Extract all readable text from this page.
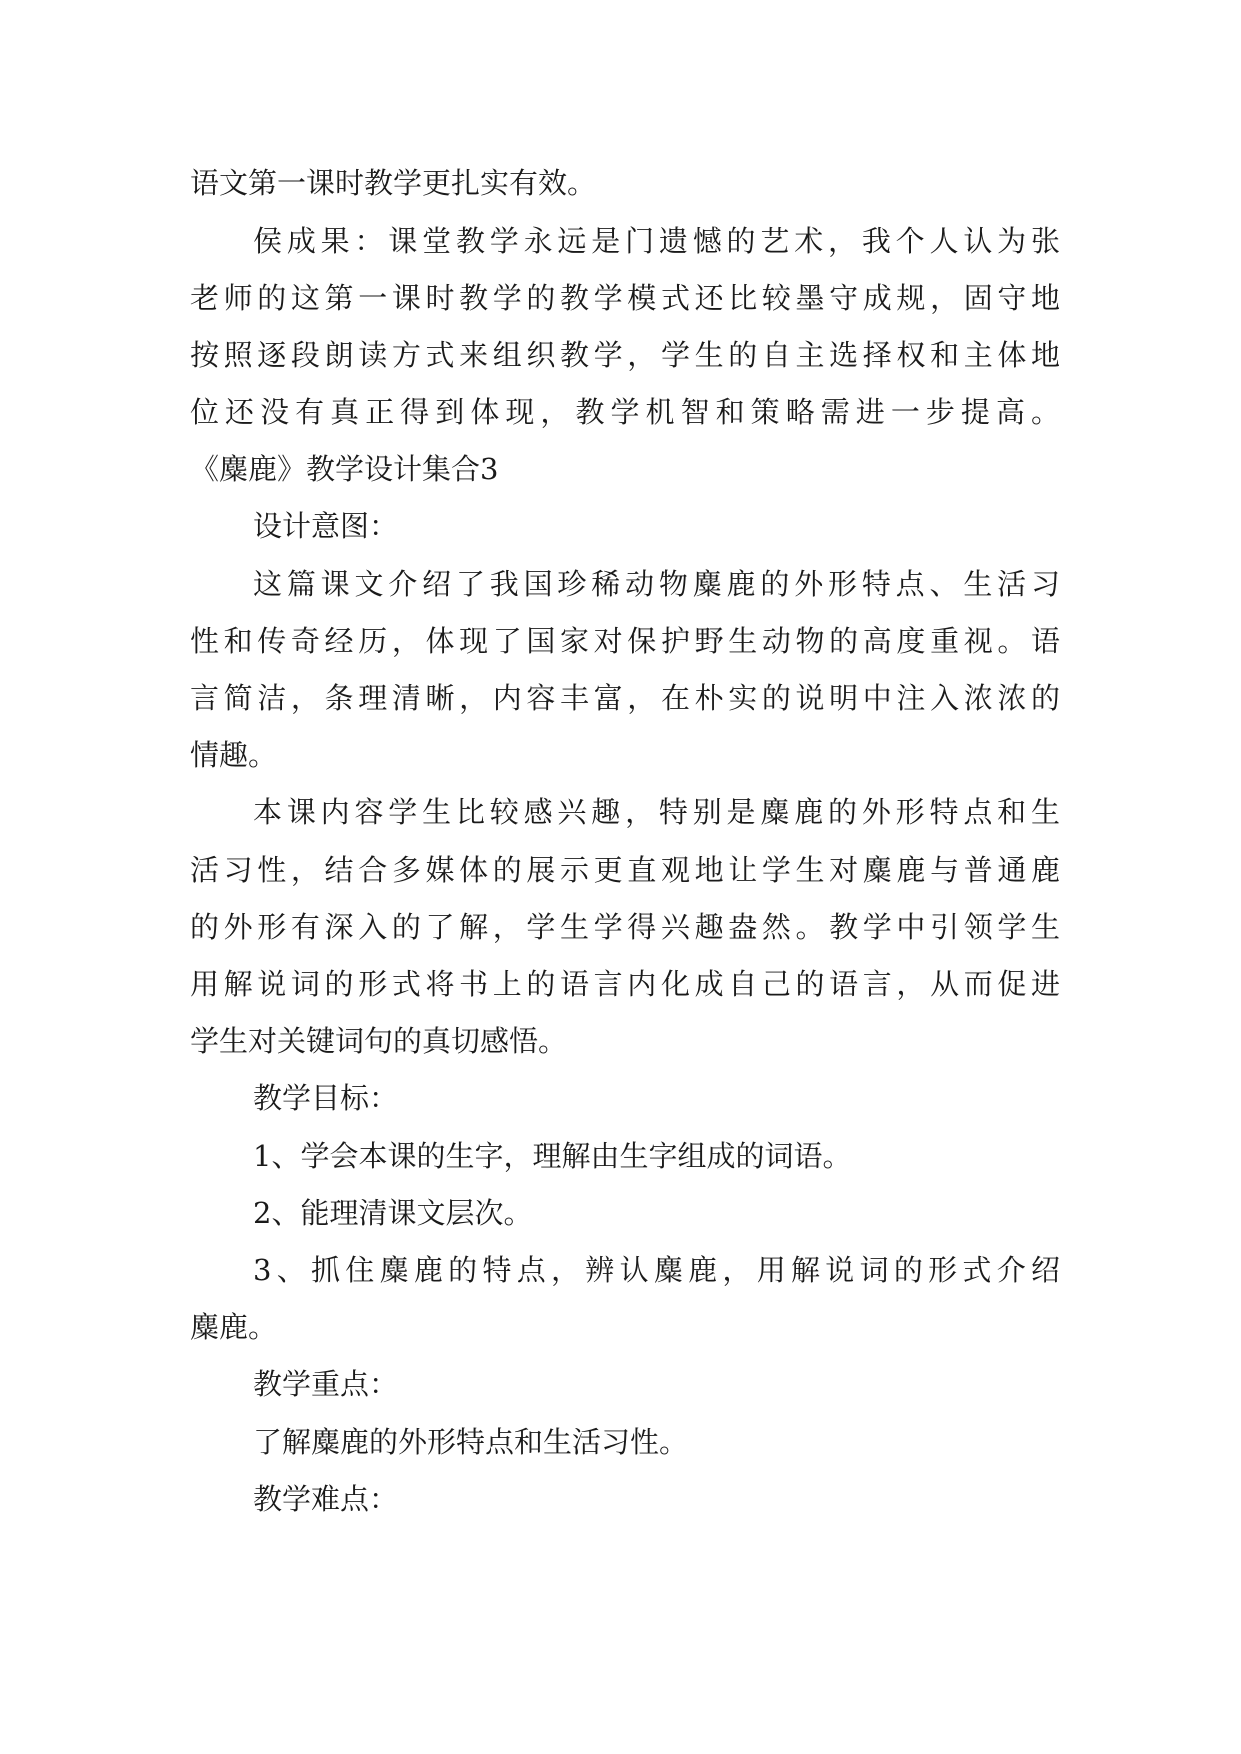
语文第一课时教学更扎实有效。
侯成果：课堂教学永远是门遗憾的艺术，我个人认为张
老师的这第一课时教学的教学模式还比较墨守成规，固守地
按照逐段朗读方式来组织教学，学生的自主选择权和主体地
位还没有真正得到体现，教学机智和策略需进一步提高。
《麋鹿》教学设计集合3
设计意图：
这篇课文介绍了我国珍稀动物麋鹿的外形特点、生活习
性和传奇经历，体现了国家对保护野生动物的高度重视。语
言简洁，条理清晰，内容丰富，在朴实的说明中注入浓浓的
情趣。
本课内容学生比较感兴趣，特别是麋鹿的外形特点和生
活习性，结合多媒体的展示更直观地让学生对麋鹿与普通鹿
的外形有深入的了解，学生学得兴趣盎然。教学中引领学生
用解说词的形式将书上的语言内化成自己的语言，从而促进
学生对关键词句的真切感悟。
教学目标：
1、学会本课的生字，理解由生字组成的词语。
2、能理清课文层次。
3、抓住麋鹿的特点，辨认麋鹿，用解说词的形式介绍
麋鹿。
教学重点：
了解麋鹿的外形特点和生活习性。
教学难点：
